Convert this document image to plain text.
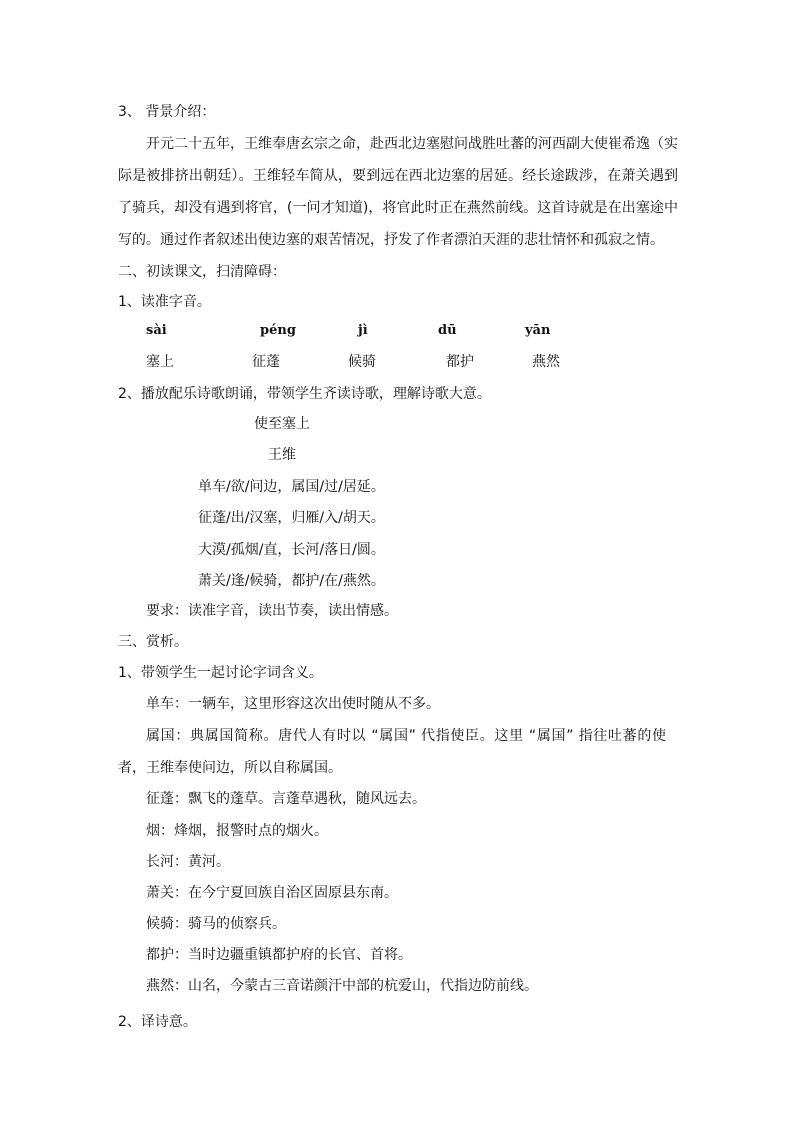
3、 背景介绍：
开元二十五年，王维奉唐玄宗之命，赴西北边塞慰问战胜吐蕃的河西副大使崔希逸（实际是被排挤出朝廷）。王维轻车简从，要到远在西北边塞的居延。经长途跋涉，在萧关遇到了骑兵，却没有遇到将官，(一问才知道)，将官此时正在燕然前线。这首诗就是在出塞途中写的。通过作者叙述出使边塞的艰苦情况，抒发了作者漂泊天涯的悲壮情怀和孤寂之情。
二、初读课文，扫清障碍：
1、读准字音。
sài	péng	jì	dū	yān
塞上	征蓬	候骑	都护	燕然
2、播放配乐诗歌朗诵，带领学生齐读诗歌，理解诗歌大意。
使至塞上
王维
单车/欲/问边，属国/过/居延。
征蓬/出/汉塞，归雁/入/胡天。
大漠/孤烟/直，长河/落日/圆。
萧关/逢/候骑，都护/在/燕然。
要求：读准字音，读出节奏，读出情感。
三、赏析。
1、带领学生一起讨论字词含义。
单车：一辆车，这里形容这次出使时随从不多。
属国：典属国简称。唐代人有时以 “属国” 代指使臣。这里 “属国” 指往吐蕃的使者，王维奉使问边，所以自称属国。
征蓬：飘飞的蓬草。言蓬草遇秋，随风远去。
烟：烽烟，报警时点的烟火。
长河：黄河。
萧关：在今宁夏回族自治区固原县东南。
候骑：骑马的侦察兵。
都护：当时边疆重镇都护府的长官、首将。
燕然：山名，今蒙古三音诺颜汗中部的杭爱山，代指边防前线。
2、译诗意。
